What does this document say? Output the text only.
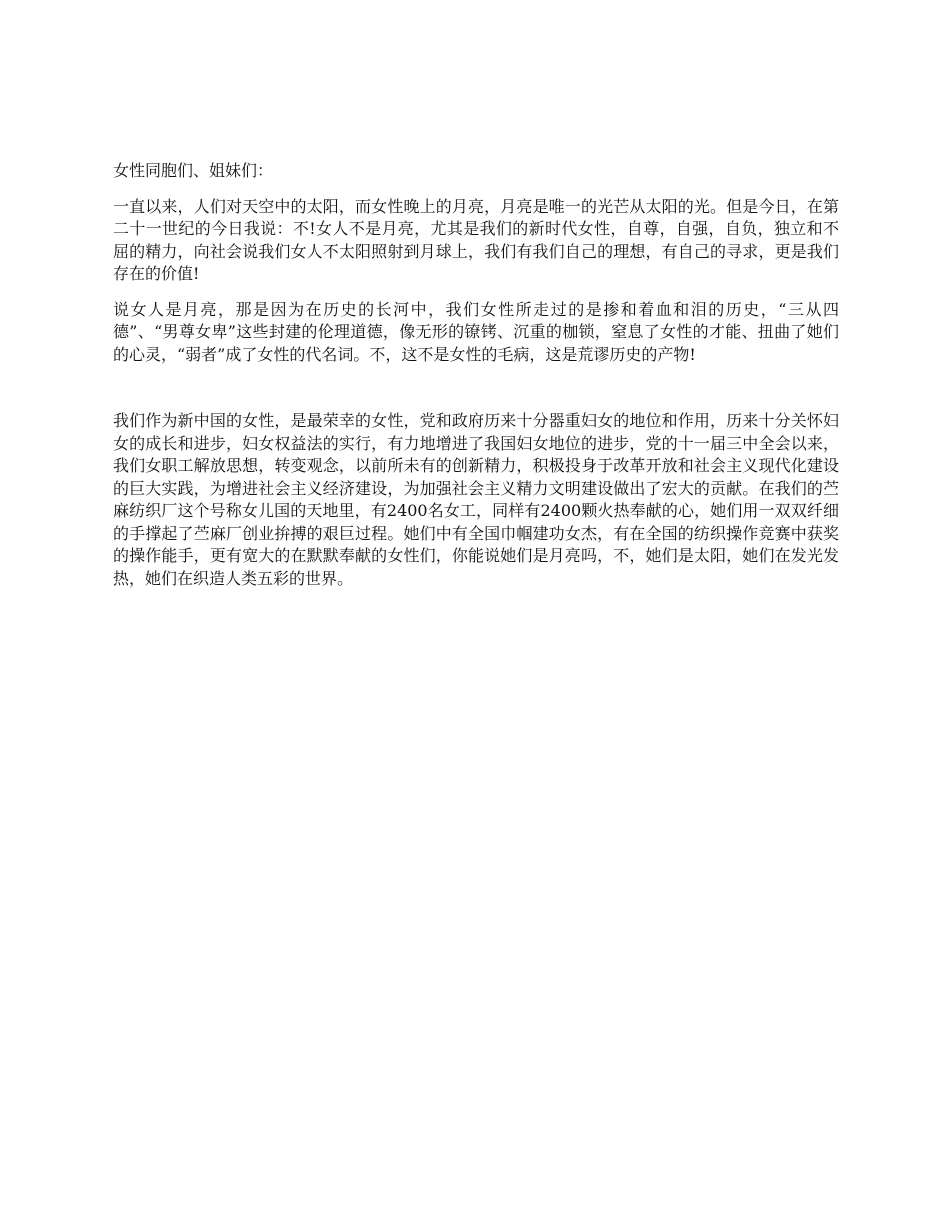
女性同胞们、姐妹们：

一直以来，人们对天空中的太阳，而女性晚上的月亮，月亮是唯一的光芒从太阳的光。但是今日，在第二十一世纪的今日我说：不!女人不是月亮，尤其是我们的新时代女性，自尊，自强，自负，独立和不屈的精力，向社会说我们女人不太阳照射到月球上，我们有我们自己的理想，有自己的寻求，更是我们存在的价值!

说女人是月亮，那是因为在历史的长河中，我们女性所走过的是掺和着血和泪的历史，“三从四德”、“男尊女卑”这些封建的伦理道德，像无形的镣铐、沉重的枷锁，窒息了女性的才能、扭曲了她们的心灵，“弱者”成了女性的代名词。不，这不是女性的毛病，这是荒谬历史的产物!

我们作为新中国的女性，是最荣幸的女性，党和政府历来十分器重妇女的地位和作用，历来十分关怀妇女的成长和进步，妇女权益法的实行，有力地增进了我国妇女地位的进步，党的十一届三中全会以来，我们女职工解放思想，转变观念，以前所未有的创新精力，积极投身于改革开放和社会主义现代化建设的巨大实践，为增进社会主义经济建设，为加强社会主义精力文明建设做出了宏大的贡献。在我们的苎麻纺织厂这个号称女儿国的天地里，有2400名女工，同样有2400颗火热奉献的心，她们用一双双纤细的手撑起了苎麻厂创业拚搏的艰巨过程。她们中有全国巾帼建功女杰，有在全国的纺织操作竞赛中获奖的操作能手，更有宽大的在默默奉献的女性们，你能说她们是月亮吗，不，她们是太阳，她们在发光发热，她们在织造人类五彩的世界。
